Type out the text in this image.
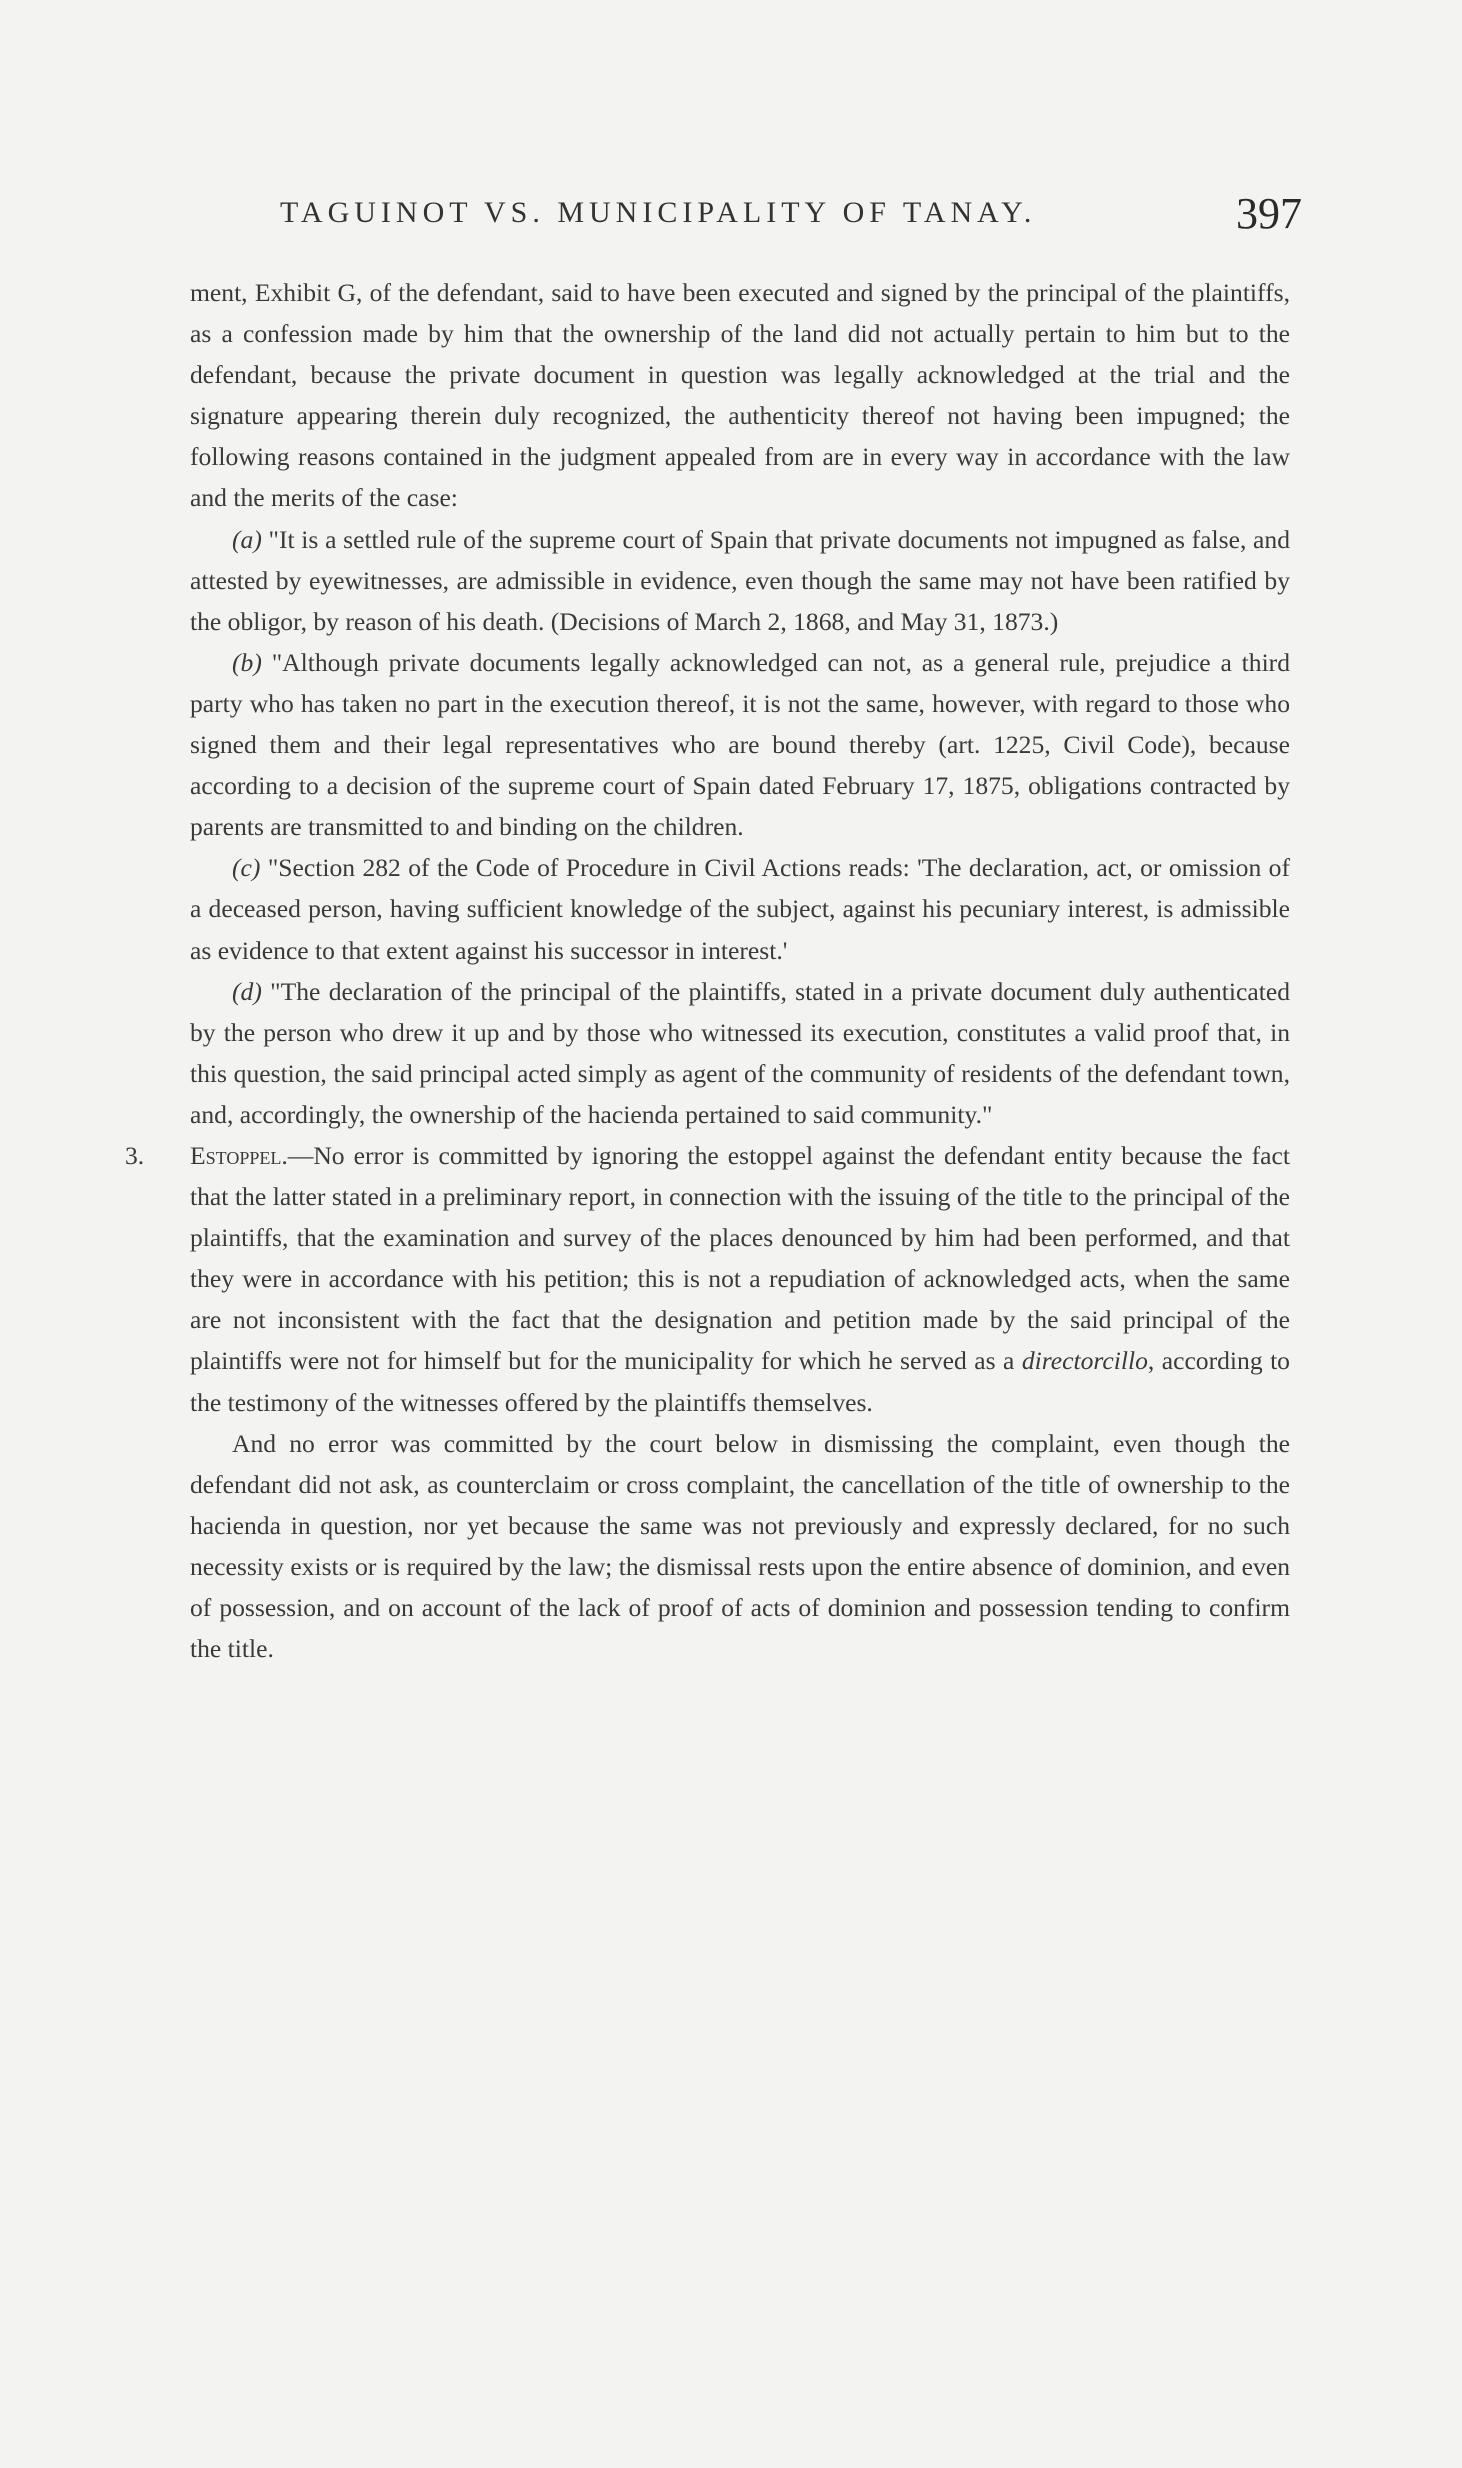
TAGUINOT VS. MUNICIPALITY OF TANAY.	397

ment, Exhibit G, of the defendant, said to have been executed and signed by the principal of the plaintiffs, as a confession made by him that the ownership of the land did not actually pertain to him but to the defendant, because the private document in question was legally acknowledged at the trial and the signature appearing therein duly recognized, the authenticity thereof not having been impugned; the following reasons contained in the judgment appealed from are in every way in accordance with the law and the merits of the case:

(a) "It is a settled rule of the supreme court of Spain that private documents not impugned as false, and attested by eyewitnesses, are admissible in evidence, even though the same may not have been ratified by the obligor, by reason of his death. (Decisions of March 2, 1868, and May 31, 1873.)

(b) "Although private documents legally acknowledged can not, as a general rule, prejudice a third party who has taken no part in the execution thereof, it is not the same, however, with regard to those who signed them and their legal representatives who are bound thereby (art. 1225, Civil Code), because according to a decision of the supreme court of Spain dated February 17, 1875, obligations contracted by parents are transmitted to and binding on the children.

(c) "Section 282 of the Code of Procedure in Civil Actions reads: 'The declaration, act, or omission of a deceased person, having sufficient knowledge of the subject, against his pecuniary interest, is admissible as evidence to that extent against his successor in interest.'

(d) "The declaration of the principal of the plaintiffs, stated in a private document duly authenticated by the person who drew it up and by those who witnessed its execution, constitutes a valid proof that, in this question, the said principal acted simply as agent of the community of residents of the defendant town, and, accordingly, the ownership of the hacienda pertained to said community."

3. Estoppel.—No error is committed by ignoring the estoppel against the defendant entity because the fact that the latter stated in a preliminary report, in connection with the issuing of the title to the principal of the plaintiffs, that the examination and survey of the places denounced by him had been performed, and that they were in accordance with his petition; this is not a repudiation of acknowledged acts, when the same are not inconsistent with the fact that the designation and petition made by the said principal of the plaintiffs were not for himself but for the municipality for which he served as a directorcillo, according to the testimony of the witnesses offered by the plaintiffs themselves.

And no error was committed by the court below in dismissing the complaint, even though the defendant did not ask, as counterclaim or cross complaint, the cancellation of the title of ownership to the hacienda in question, nor yet because the same was not previously and expressly declared, for no such necessity exists or is required by the law; the dismissal rests upon the entire absence of dominion, and even of possession, and on account of the lack of proof of acts of dominion and possession tending to confirm the title.
